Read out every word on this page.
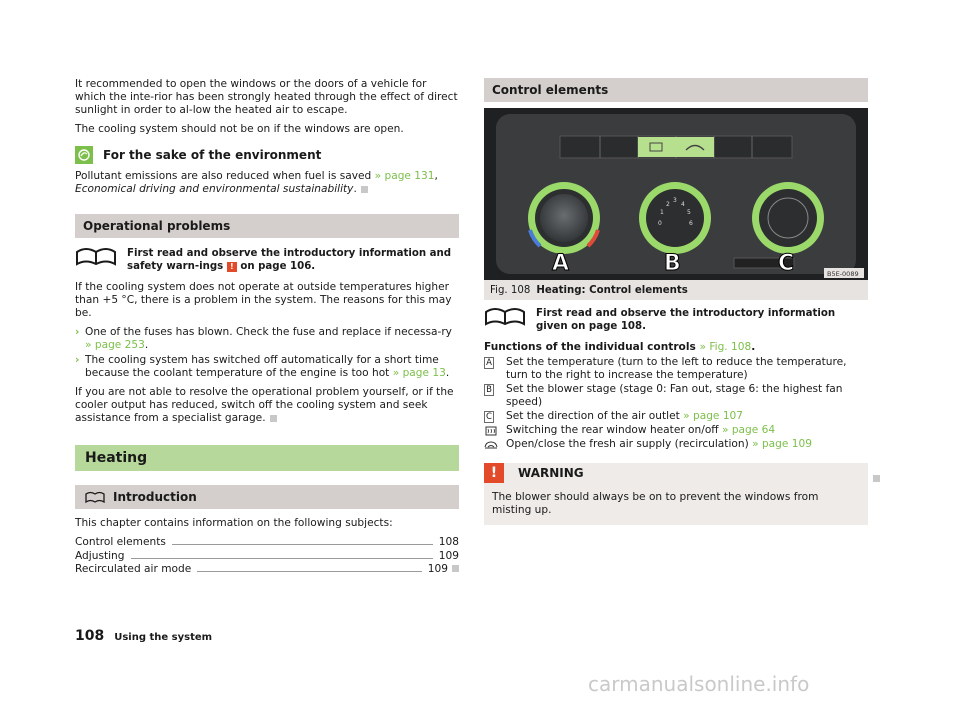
It recommended to open the windows or the doors of a vehicle for which the inte-rior has been strongly heated through the effect of direct sunlight in order to al-low the heated air to escape.

The cooling system should not be on if the windows are open.

For the sake of the environment

Pollutant emissions are also reduced when fuel is saved » page 131, Economical driving and environmental sustainability.

Operational problems
First read and observe the introductory information and safety warn-ings ! on page 106.

If the cooling system does not operate at outside temperatures higher than +5 °C, there is a problem in the system. The reasons for this may be.

› One of the fuses has blown. Check the fuse and replace if necessa-ry » page 253.
› The cooling system has switched off automatically for a short time because the coolant temperature of the engine is too hot » page 13.

If you are not able to resolve the operational problem yourself, or if the cooler output has reduced, switch off the cooling system and seek assistance from a specialist garage.

Heating
Introduction

This chapter contains information on the following subjects:

Control elements	108
Adjusting	109
Recirculated air mode	109
Control elements
0
1
2
3
4
5
6
A	B	C	B5E-0089
Fig. 108 Heating: Control elements
First read and observe the introductory information given on page 108.
Functions of the individual controls » Fig. 108.
A Set the temperature (turn to the left to reduce the temperature, turn to the right to increase the temperature)
B Set the blower stage (stage 0: Fan out, stage 6: the highest fan speed)
C Set the direction of the air outlet » page 107
Switching the rear window heater on/off » page 64
Open/close the fresh air supply (recirculation) » page 109
!	WARNING
The blower should always be on to prevent the windows from misting up.
108 Using the system
carmanualsonline.info
